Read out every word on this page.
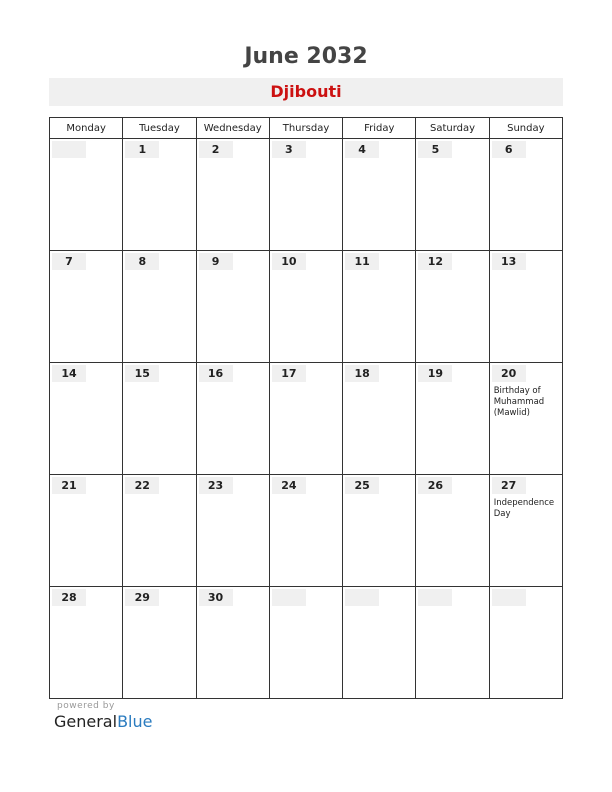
June 2032
Djibouti
Monday	Tuesday	Wednesday	Thursday	Friday	Saturday	Sunday

	1	2	3	4	5	6

7	8	9	10	11	12	13

14	15	16	17	18	19	20
Birthday of Muhammad (Mawlid)

21	22	23	24	25	26	27
Independence Day

28	29	30				

powered by
GeneralBlue
